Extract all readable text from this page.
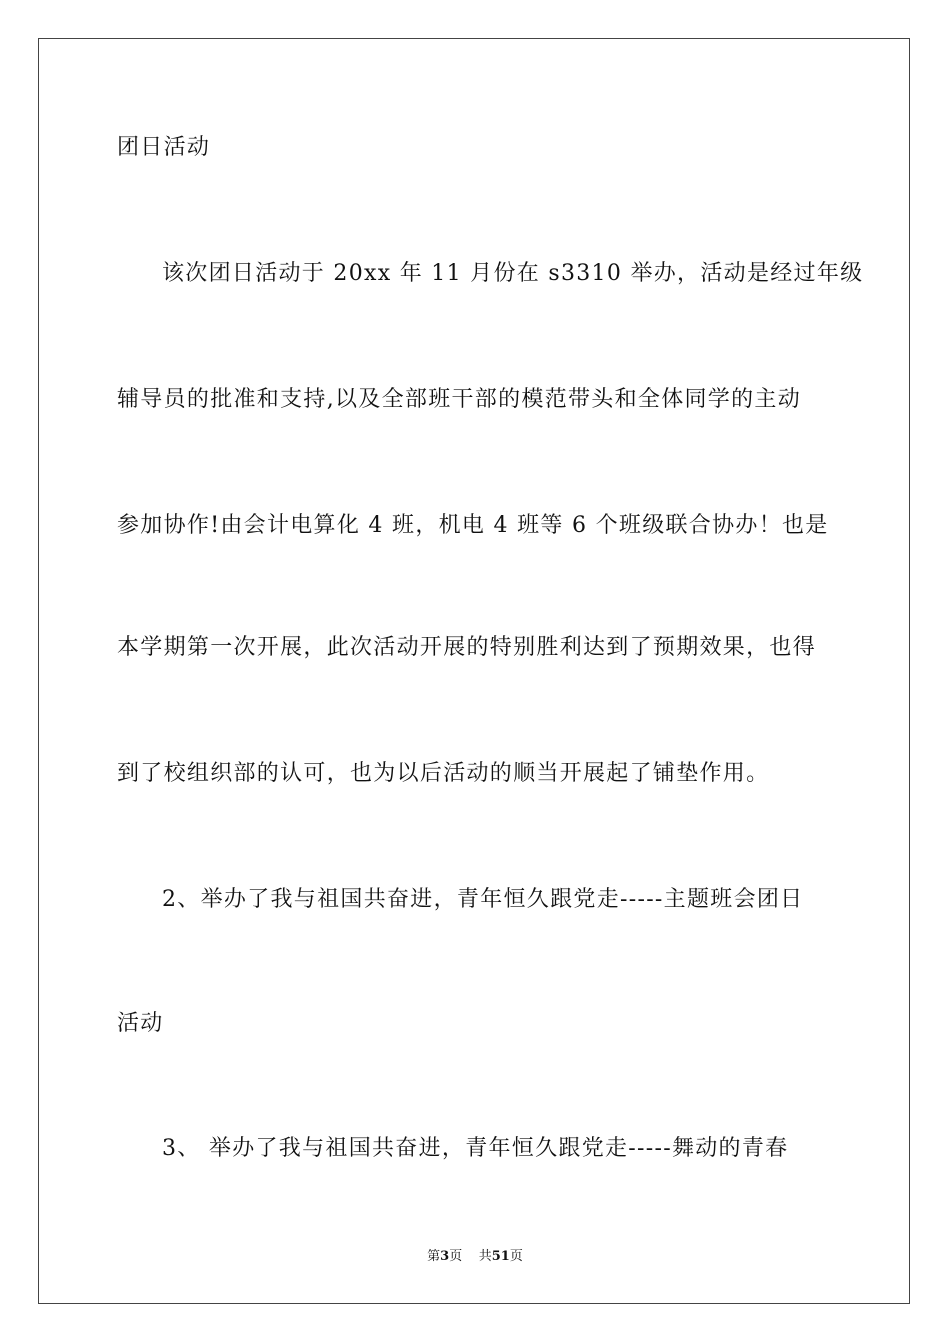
团日活动
该次团日活动于 20xx 年 11 月份在 s3310 举办，活动是经过年级
辅导员的批准和支持,以及全部班干部的模范带头和全体同学的主动
参加协作!由会计电算化 4 班，机电 4 班等 6 个班级联合协办！也是
本学期第一次开展，此次活动开展的特别胜利达到了预期效果，也得
到了校组织部的认可，也为以后活动的顺当开展起了铺垫作用。
2、举办了我与祖国共奋进，青年恒久跟党走-----主题班会团日
活动
3、 举办了我与祖国共奋进，青年恒久跟党走-----舞动的青春
第3页    共51页
